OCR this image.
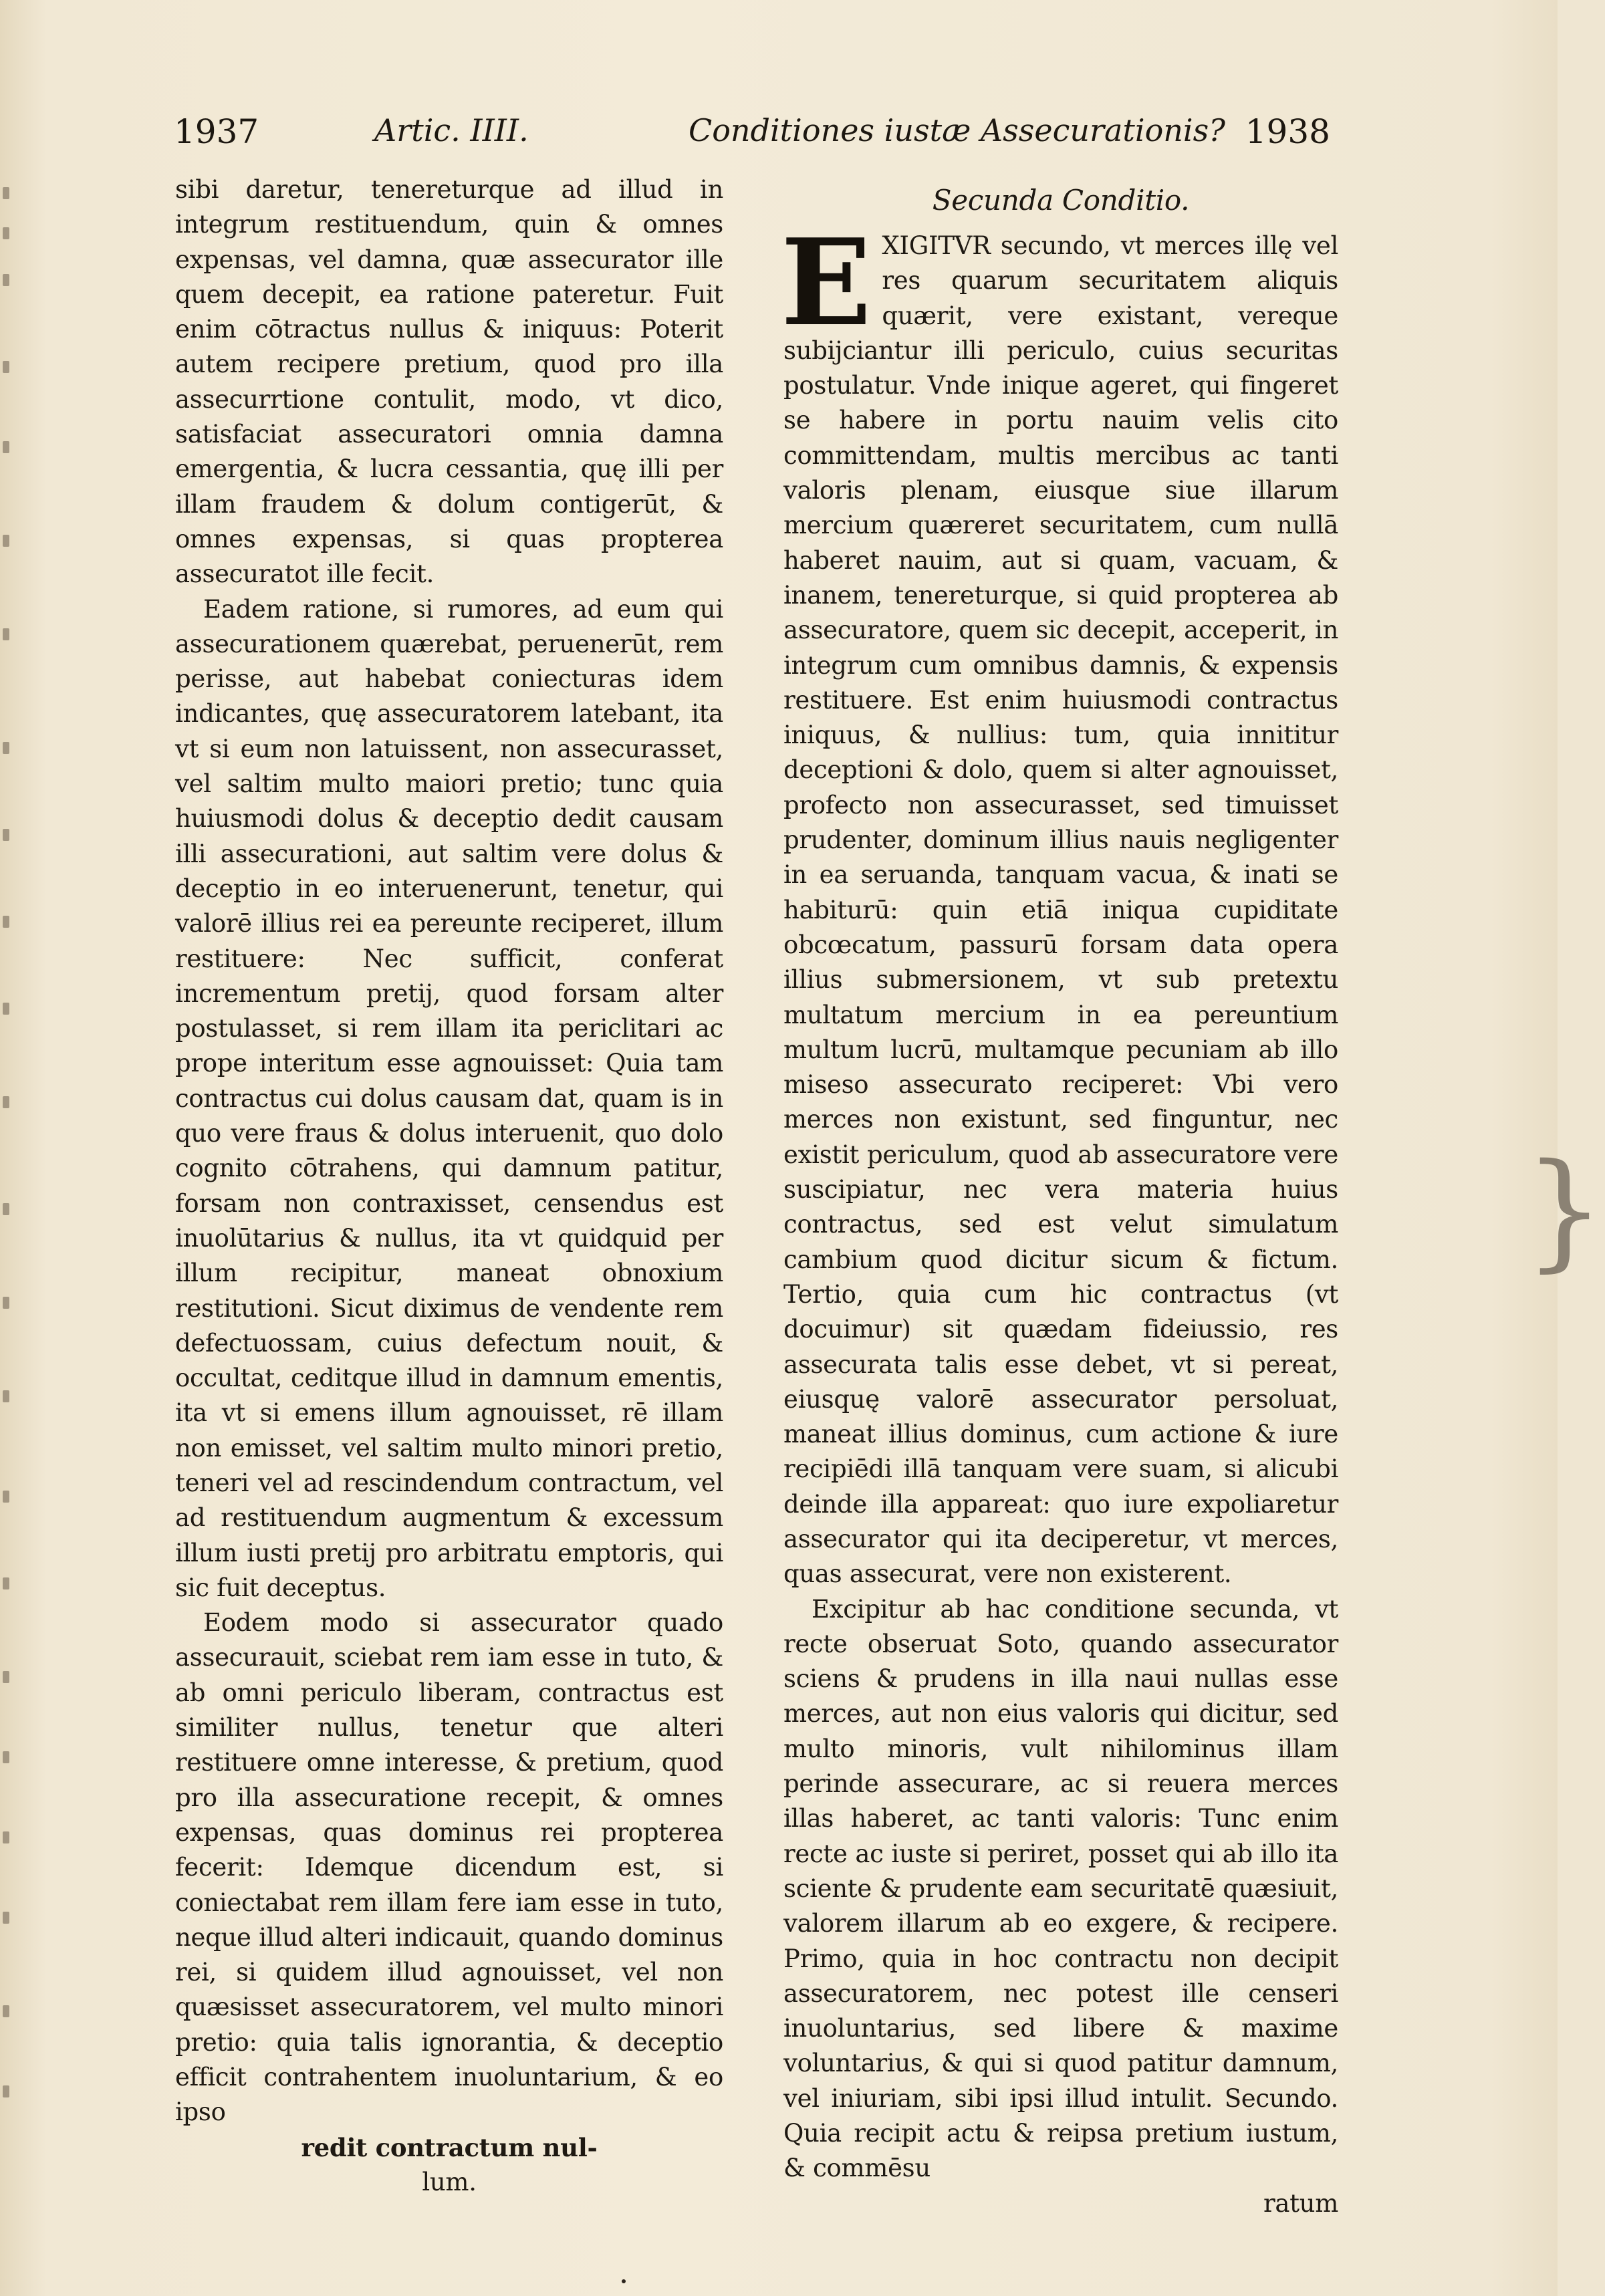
1937	Artic. IIII.	Conditiones iustæ Assecurationis? 1938

sibi daretur, tenereturque ad illud in integrum restituendum, quin & omnes expensas, vel damna, quæ assecurator ille quem decepit, ea ratione pateretur. Fuit enim cōtractus nullus & iniquus: Poterit autem recipere pretium, quod pro illa assecurrtione contulit, modo, vt dico, satisfaciat assecuratori omnia damna emergentia, & lucra cessantia, quę illi per illam fraudem & dolum contigerūt, & omnes expensas, si quas propterea assecuratot ille fecit.

Eadem ratione, si rumores, ad eum qui assecurationem quærebat, peruenerūt, rem perisse, aut habebat coniecturas idem indicantes, quę assecuratorem latebant, ita vt si eum non latuissent, non assecurasset, vel saltim multo maiori pretio; tunc quia huiusmodi dolus & deceptio dedit causam illi assecurationi, aut saltim vere dolus & deceptio in eo interuenerunt, tenetur, qui valorē illius rei ea pereunte reciperet, illum restituere: Nec sufficit, conferat incrementum pretij, quod forsam alter postulasset, si rem illam ita periclitari ac prope interitum esse agnouisset: Quia tam contractus cui dolus causam dat, quam is in quo vere fraus & dolus interuenit, quo dolo cognito cōtrahens, qui damnum patitur, forsam non contraxisset, censendus est inuolūtarius & nullus, ita vt quidquid per illum recipitur, maneat obnoxium restitutioni. Sicut diximus de vendente rem defectuossam, cuius defectum nouit, & occultat, ceditque illud in damnum ementis, ita vt si emens illum agnouisset, rē illam non emisset, vel saltim multo minori pretio, teneri vel ad rescindendum contractum, vel ad restituendum augmentum & excessum illum iusti pretij pro arbitratu emptoris, qui sic fuit deceptus.

Eodem modo si assecurator quado assecurauit, sciebat rem iam esse in tuto, & ab omni periculo liberam, contractus est similiter nullus, tenetur que alteri restituere omne interesse, & pretium, quod pro illa assecuratione recepit, & omnes expensas, quas dominus rei propterea fecerit: Idemque dicendum est, si coniectabat rem illam fere iam esse in tuto, neque illud alteri indicauit, quando dominus rei, si quidem illud agnouisset, vel non quæsisset assecuratorem, vel multo minori pretio: quia talis ignorantia, & deceptio efficit contrahentem inuoluntarium, & eo ipso

redit contractum nul-
lum.
Secunda Conditio.
E XIGITVR secundo, vt merces illę vel res quarum securitatem aliquis quærit, vere existant, vereque subijciantur illi periculo, cuius securitas postulatur. Vnde inique ageret, qui fingeret se habere in portu nauim velis cito committendam, multis mercibus ac tanti valoris plenam, eiusque siue illarum mercium quæreret securitatem, cum nullā haberet nauim, aut si quam, vacuam, & inanem, tenereturque, si quid propterea ab assecuratore, quem sic decepit, acceperit, in integrum cum omnibus damnis, & expensis restituere. Est enim huiusmodi contractus iniquus, & nullius: tum, quia innititur deceptioni & dolo, quem si alter agnouisset, profecto non assecurasset, sed timuisset prudenter, dominum illius nauis negligenter in ea seruanda, tanquam vacua, & inati se habiturū: quin etiā iniqua cupiditate obcœcatum, passurū forsam data opera illius submersionem, vt sub pretextu multatum mercium in ea pereuntium multum lucrū, multamque pecuniam ab illo miseso assecurato reciperet: Vbi vero merces non existunt, sed finguntur, nec existit periculum, quod ab assecuratore vere suscipiatur, nec vera materia huius contractus, sed est velut simulatum cambium quod dicitur sicum & fictum. Tertio, quia cum hic contractus (vt docuimur) sit quædam fideiussio, res assecurata talis esse debet, vt si pereat, eiusquę valorē assecurator persoluat, maneat illius dominus, cum actione & iure recipiēdi illā tanquam vere suam, si alicubi deinde illa appareat: quo iure expoliaretur assecurator qui ita deciperetur, vt merces, quas assecurat, vere non existerent.

Excipitur ab hac conditione secunda, vt recte obseruat Soto, quando assecurator sciens & prudens in illa naui nullas esse merces, aut non eius valoris qui dicitur, sed multo minoris, vult nihilominus illam perinde assecurare, ac si reuera merces illas haberet, ac tanti valoris: Tunc enim recte ac iuste si periret, posset qui ab illo ita sciente & prudente eam securitatē quæsiuit, valorem illarum ab eo exgere, & recipere. Primo, quia in hoc contractu non decipit assecuratorem, nec potest ille censeri inuoluntarius, sed libere & maxime voluntarius, & qui si quod patitur damnum, vel iniuriam, sibi ipsi illud intulit. Secundo. Quia recipit actu & reipsa pretium iustum, & commēsu

ratum
}
